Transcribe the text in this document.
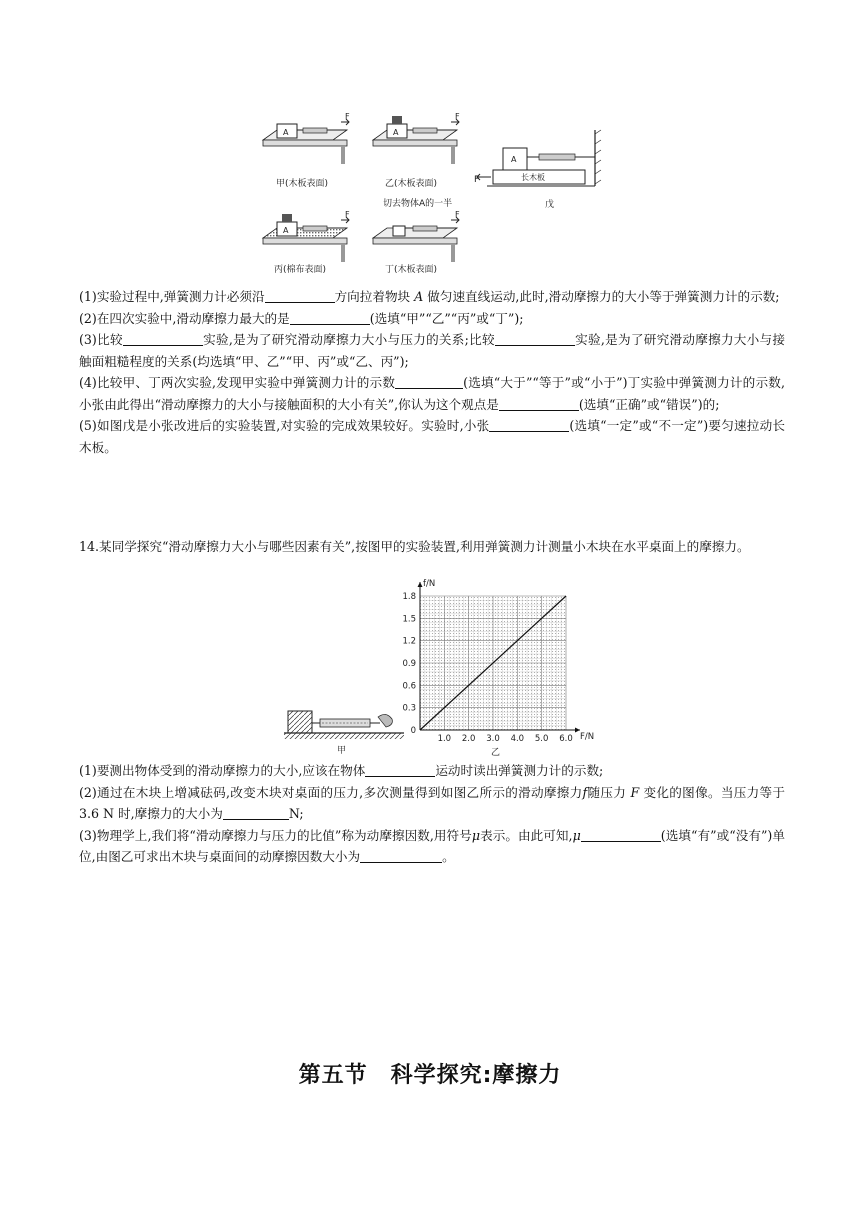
A
F
A
F
A
F	F
长木板
A
甲(木板表面)	乙(木板表面)
切去物体A的一半
F
戊
丙(棉布表面)	丁(木板表面)

(1)实验过程中,弹簧测力计必须沿	方向拉着物块 A 做匀速直线运动,此时,滑动摩擦力的大小等于弹簧测力计的示数;

(2)在四次实验中,滑动摩擦力最大的是	(选填“甲”“乙”“丙”或“丁”);

(3)比较	实验,是为了研究滑动摩擦力大小与压力的关系;比较	实验,是为了研究滑动摩擦力大小与接触面粗糙程度的关系(均选填“甲、乙”“甲、丙”或“乙、丙”);

(4)比较甲、丁两次实验,发现甲实验中弹簧测力计的示数	(选填“大于”“等于”或“小于”)丁实验中弹簧测力计的示数,小张由此得出“滑动摩擦力的大小与接触面积的大小有关”,你认为这个观点是	(选填“正确”或“错误”)的;

(5)如图戊是小张改进后的实验装置,对实验的完成效果较好。实验时,小张	(选填“一定”或“不一定”)要匀速拉动长木板。

14.某同学探究“滑动摩擦力大小与哪些因素有关”,按图甲的实验装置,利用弹簧测力计测量小木块在水平桌面上的摩擦力。

甲
1.0 2.0 3.0 4.0 5.0 6.0
0
0.3
0.6
0.9
1.2
1.5
1.8
F/N
f/N
乙

(1)要测出物体受到的滑动摩擦力的大小,应该在物体	运动时读出弹簧测力计的示数;

(2)通过在木块上增减砝码,改变木块对桌面的压力,多次测量得到如图乙所示的滑动摩擦力f随压力 F 变化的图像。当压力等于 3.6 N 时,摩擦力的大小为	N;

(3)物理学上,我们将“滑动摩擦力与压力的比值”称为动摩擦因数,用符号μ表示。由此可知,μ	(选填“有”或“没有”)单位,由图乙可求出木块与桌面间的动摩擦因数大小为	。

第五节　科学探究:摩擦力
